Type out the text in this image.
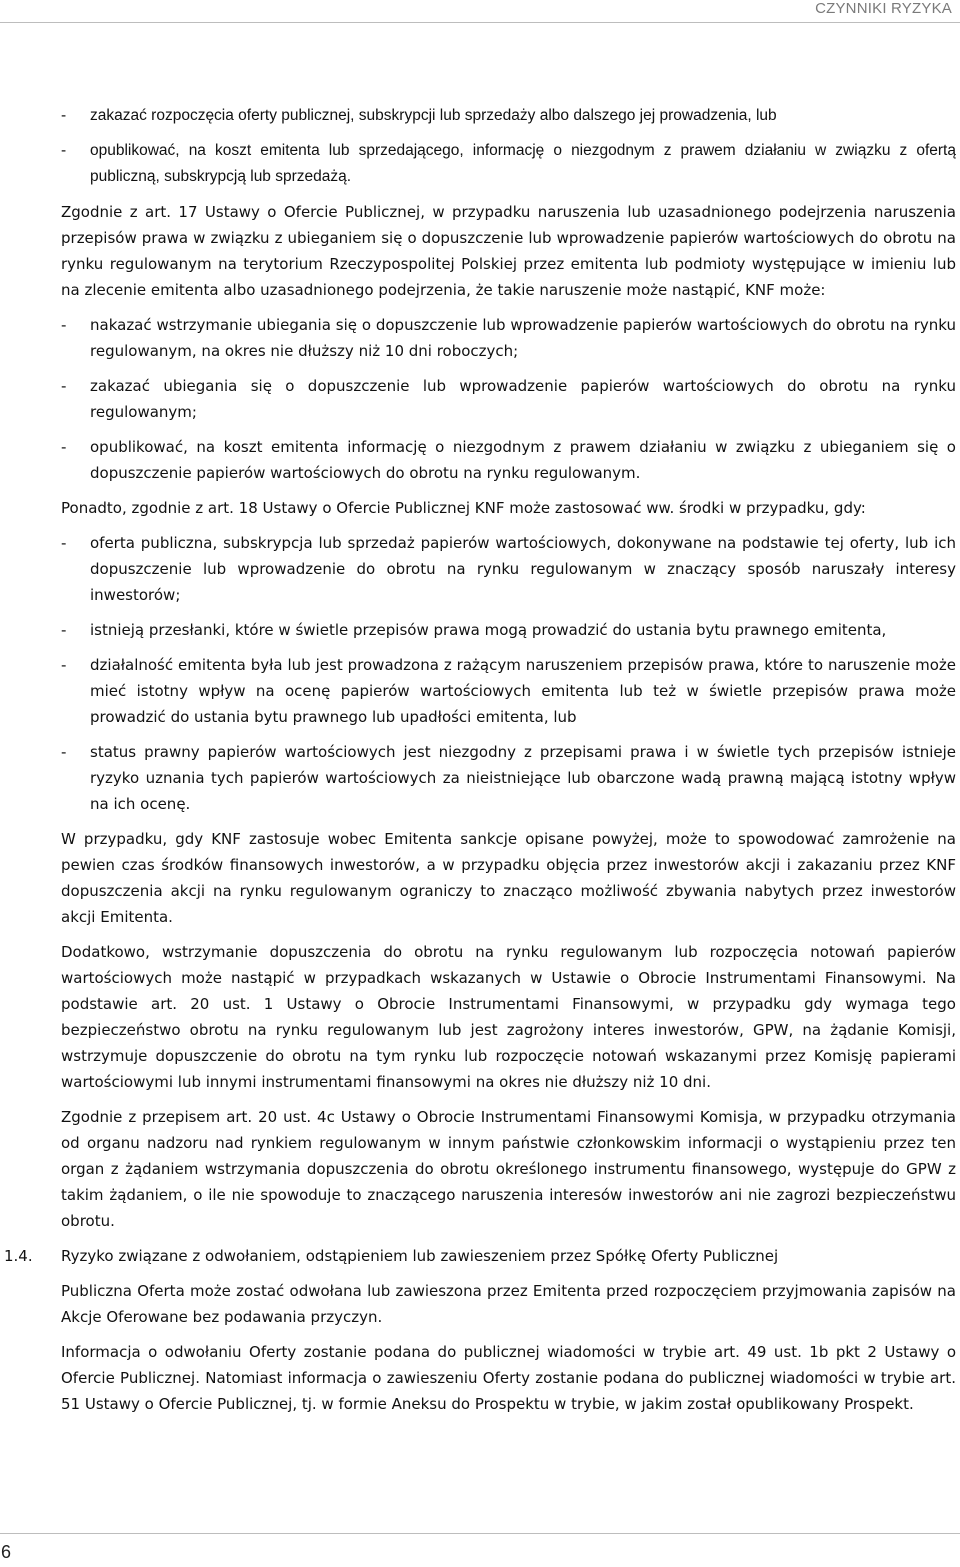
CZYNNIKI RYZYKA
- zakazać rozpoczęcia oferty publicznej, subskrypcji lub sprzedaży albo dalszego jej prowadzenia, lub
- opublikować, na koszt emitenta lub sprzedającego, informację o niezgodnym z prawem działaniu w związku z ofertą publiczną, subskrypcją lub sprzedażą.

Zgodnie z art. 17 Ustawy o Ofercie Publicznej, w przypadku naruszenia lub uzasadnionego podejrzenia naruszenia przepisów prawa w związku z ubieganiem się o dopuszczenie lub wprowadzenie papierów wartościowych do obrotu na rynku regulowanym na terytorium Rzeczypospolitej Polskiej przez emitenta lub podmioty występujące w imieniu lub na zlecenie emitenta albo uzasadnionego podejrzenia, że takie naruszenie może nastąpić, KNF może:

- nakazać wstrzymanie ubiegania się o dopuszczenie lub wprowadzenie papierów wartościowych do obrotu na rynku regulowanym, na okres nie dłuższy niż 10 dni roboczych;
- zakazać ubiegania się o dopuszczenie lub wprowadzenie papierów wartościowych do obrotu na rynku regulowanym;
- opublikować, na koszt emitenta informację o niezgodnym z prawem działaniu w związku z ubieganiem się o dopuszczenie papierów wartościowych do obrotu na rynku regulowanym.

Ponadto, zgodnie z art. 18 Ustawy o Ofercie Publicznej KNF może zastosować ww. środki w przypadku, gdy:

- oferta publiczna, subskrypcja lub sprzedaż papierów wartościowych, dokonywane na podstawie tej oferty, lub ich dopuszczenie lub wprowadzenie do obrotu na rynku regulowanym w znaczący sposób naruszały interesy inwestorów;
- istnieją przesłanki, które w świetle przepisów prawa mogą prowadzić do ustania bytu prawnego emitenta,
- działalność emitenta była lub jest prowadzona z rażącym naruszeniem przepisów prawa, które to naruszenie może mieć istotny wpływ na ocenę papierów wartościowych emitenta lub też w świetle przepisów prawa może prowadzić do ustania bytu prawnego lub upadłości emitenta, lub
- status prawny papierów wartościowych jest niezgodny z przepisami prawa i w świetle tych przepisów istnieje ryzyko uznania tych papierów wartościowych za nieistniejące lub obarczone wadą prawną mającą istotny wpływ na ich ocenę.

W przypadku, gdy KNF zastosuje wobec Emitenta sankcje opisane powyżej, może to spowodować zamrożenie na pewien czas środków finansowych inwestorów, a w przypadku objęcia przez inwestorów akcji i zakazaniu przez KNF dopuszczenia akcji na rynku regulowanym ograniczy to znacząco możliwość zbywania nabytych przez inwestorów akcji Emitenta.

Dodatkowo, wstrzymanie dopuszczenia do obrotu na rynku regulowanym lub rozpoczęcia notowań papierów wartościowych może nastąpić w przypadkach wskazanych w Ustawie o Obrocie Instrumentami Finansowymi. Na podstawie art. 20 ust. 1 Ustawy o Obrocie Instrumentami Finansowymi, w przypadku gdy wymaga tego bezpieczeństwo obrotu na rynku regulowanym lub jest zagrożony interes inwestorów, GPW, na żądanie Komisji, wstrzymuje dopuszczenie do obrotu na tym rynku lub rozpoczęcie notowań wskazanymi przez Komisję papierami wartościowymi lub innymi instrumentami finansowymi na okres nie dłuższy niż 10 dni.

Zgodnie z przepisem art. 20 ust. 4c Ustawy o Obrocie Instrumentami Finansowymi Komisja, w przypadku otrzymania od organu nadzoru nad rynkiem regulowanym w innym państwie członkowskim informacji o wystąpieniu przez ten organ z żądaniem wstrzymania dopuszczenia do obrotu określonego instrumentu finansowego, występuje do GPW z takim żądaniem, o ile nie spowoduje to znaczącego naruszenia interesów inwestorów ani nie zagrozi bezpieczeństwu obrotu.

1.4. Ryzyko związane z odwołaniem, odstąpieniem lub zawieszeniem przez Spółkę Oferty Publicznej

Publiczna Oferta może zostać odwołana lub zawieszona przez Emitenta przed rozpoczęciem przyjmowania zapisów na Akcje Oferowane bez podawania przyczyn.

Informacja o odwołaniu Oferty zostanie podana do publicznej wiadomości w trybie art. 49 ust. 1b pkt 2 Ustawy o Ofercie Publicznej. Natomiast informacja o zawieszeniu Oferty zostanie podana do publicznej wiadomości w trybie art. 51 Ustawy o Ofercie Publicznej, tj. w formie Aneksu do Prospektu w trybie, w jakim został opublikowany Prospekt.

6
